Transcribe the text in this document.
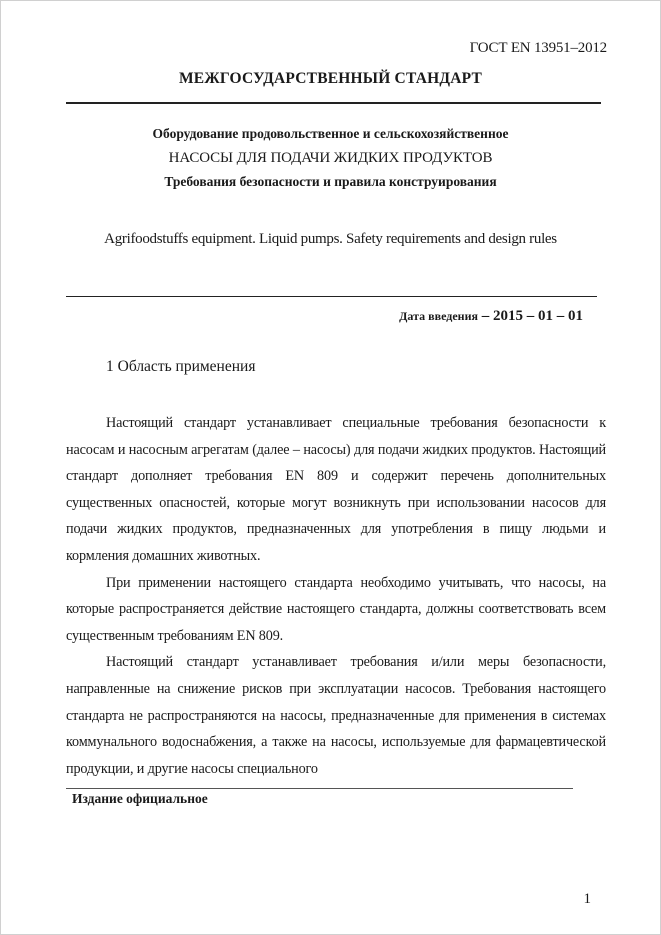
ГОСТ EN 13951–2012
МЕЖГОСУДАРСТВЕННЫЙ СТАНДАРТ
Оборудование продовольственное и сельскохозяйственное
НАСОСЫ ДЛЯ ПОДАЧИ ЖИДКИХ ПРОДУКТОВ
Требования безопасности и правила конструирования
Agrifoodstuffs equipment. Liquid pumps. Safety requirements and design rules
Дата введения – 2015 – 01 – 01
1 Область применения

Настоящий стандарт устанавливает специальные требования безопасности к насосам и насосным агрегатам (далее – насосы) для подачи жидких продуктов. Настоящий стандарт дополняет требования EN 809 и содержит перечень дополнительных существенных опасностей, которые могут возникнуть при использовании насосов для подачи жидких продуктов, предназначенных для употребления в пищу людьми и кормления домашних животных.

При применении настоящего стандарта необходимо учитывать, что насосы, на которые распространяется действие настоящего стандарта, должны соответствовать всем существенным требованиям EN 809.

Настоящий стандарт устанавливает требования и/или меры безопасности, направленные на снижение рисков при эксплуатации насосов. Требования настоящего стандарта не распространяются на насосы, предназначенные для применения в системах коммунального водоснабжения, а также на насосы, используемые для фармацевтической продукции, и другие насосы специального

Издание официальное
1
